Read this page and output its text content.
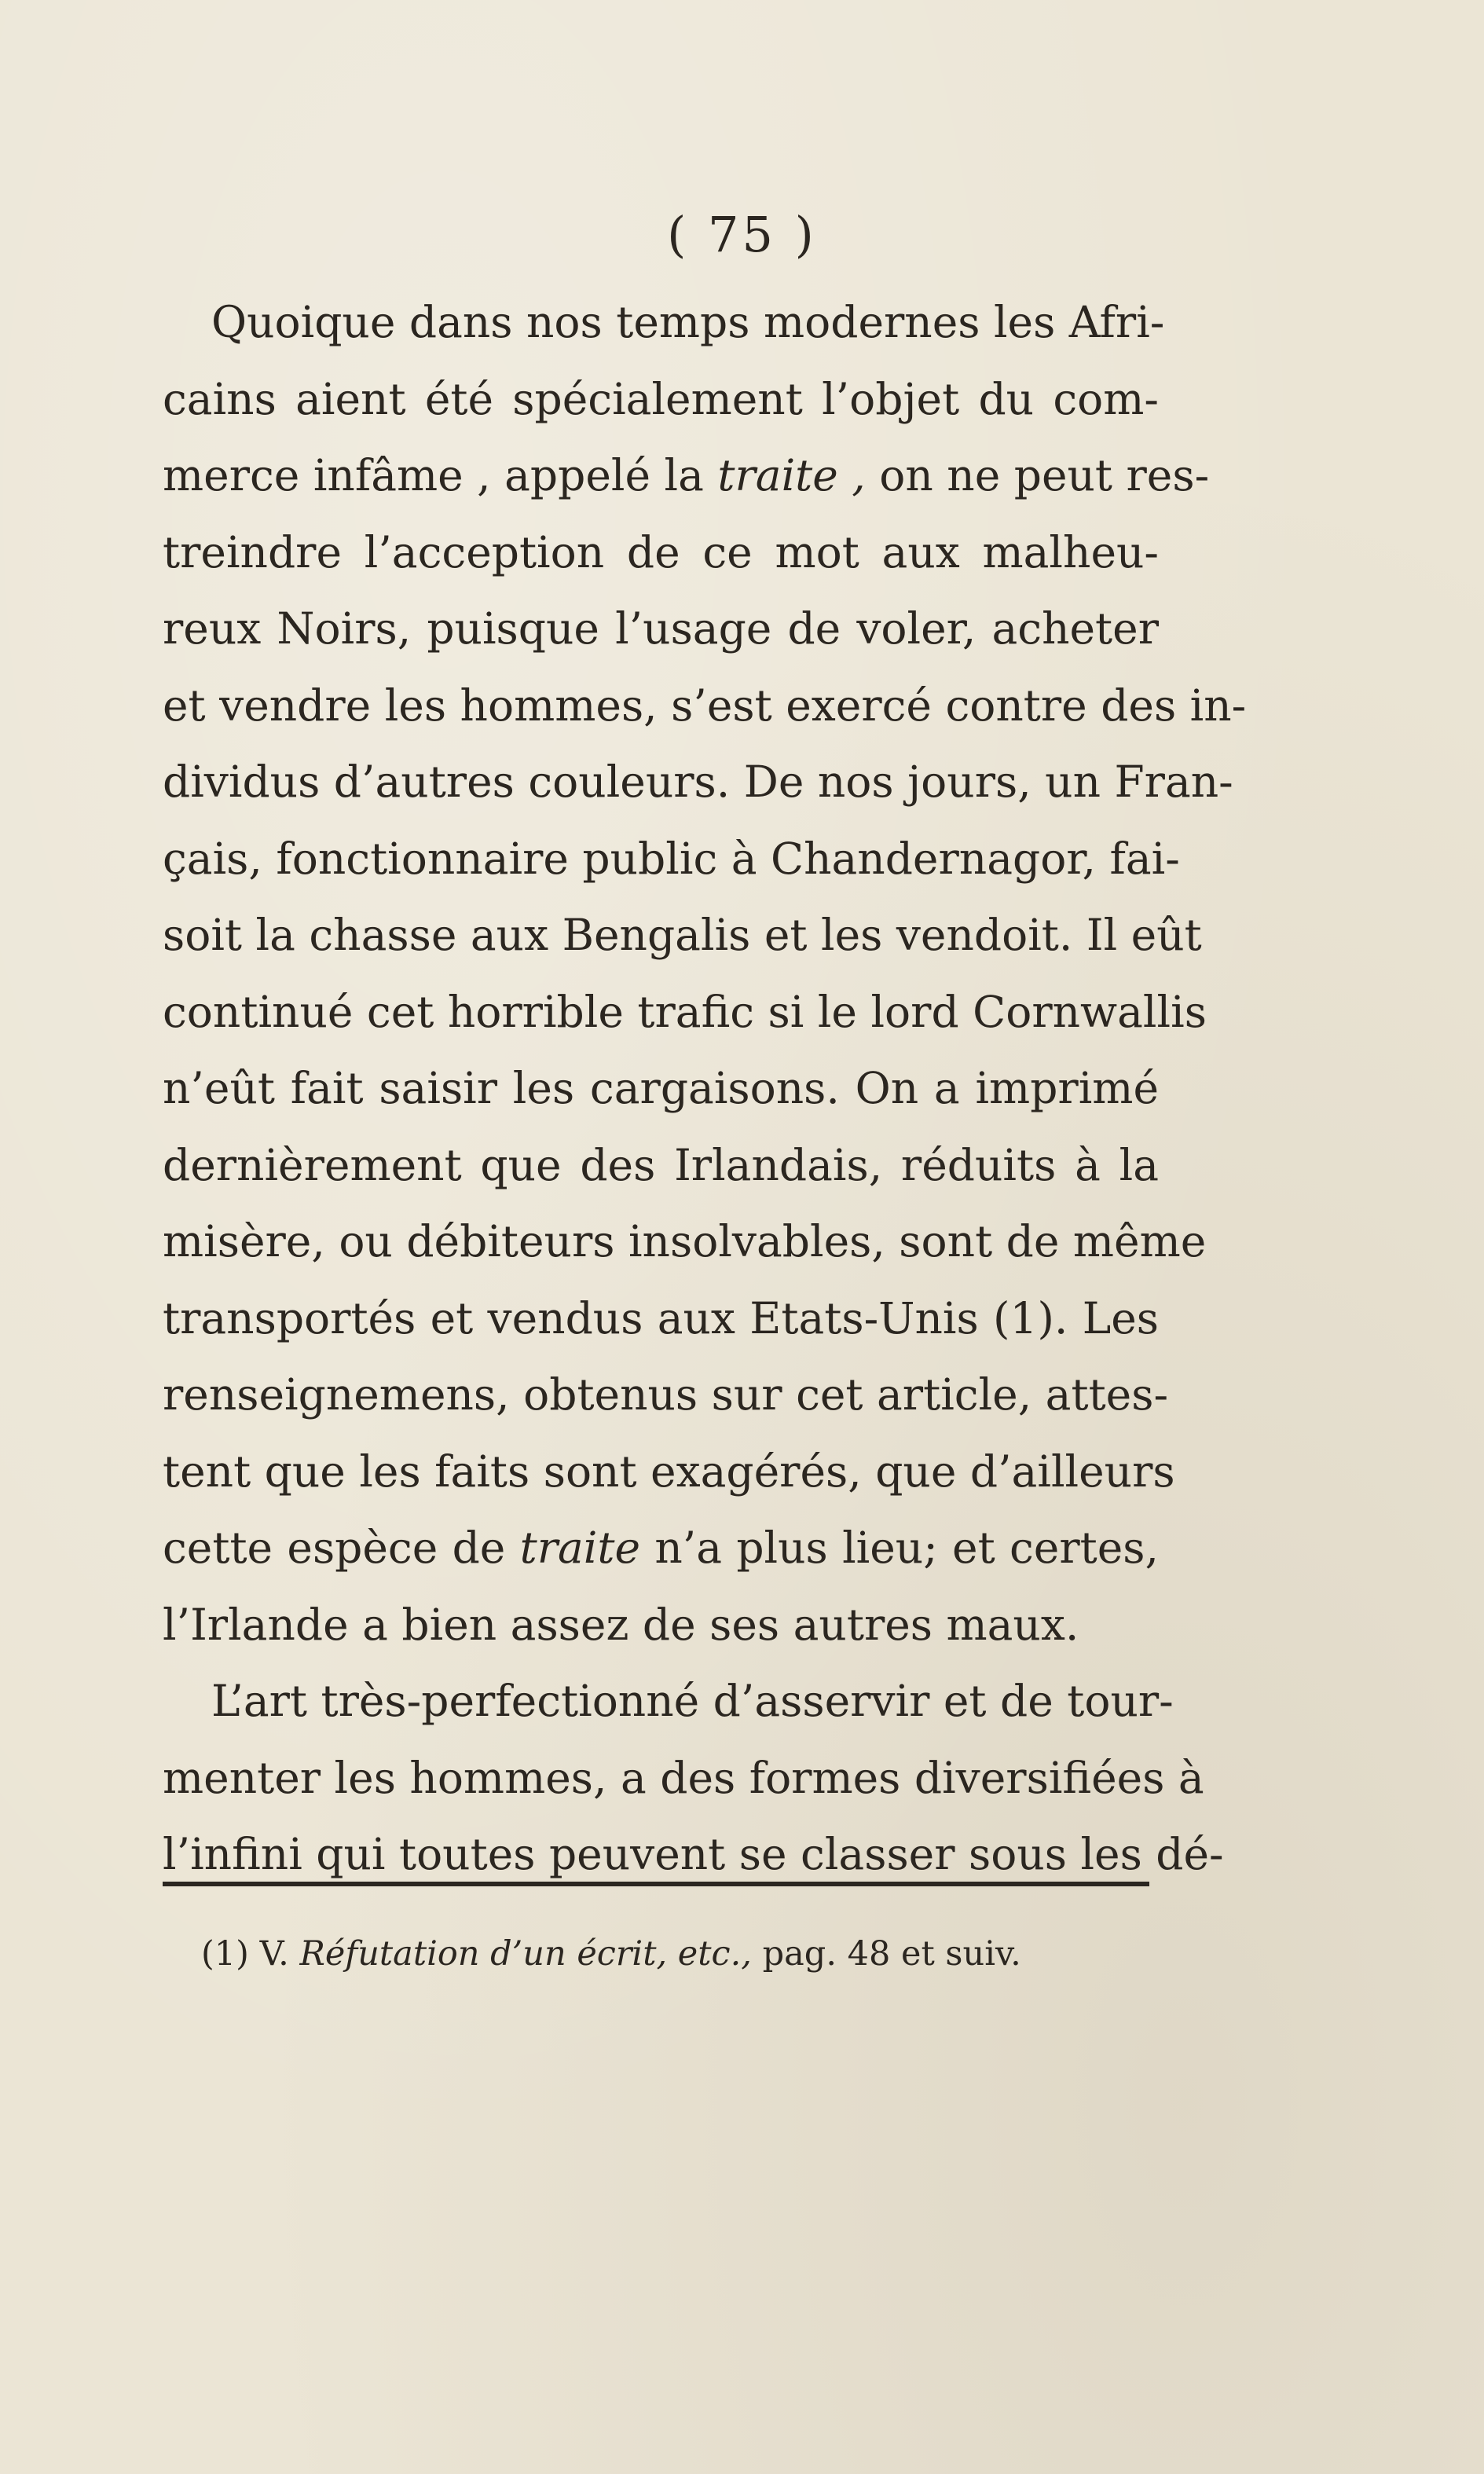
( 75 )
Quoique dans nos temps modernes les Afri-
cains aient été spécialement l’objet du com-
merce infâme , appelé la traite , on ne peut res-
treindre l’acception de ce mot aux malheu-
reux Noirs, puisque l’usage de voler, acheter
et vendre les hommes, s’est exercé contre des in-
dividus d’autres couleurs. De nos jours, un Fran-
çais, fonctionnaire public à Chandernagor, fai-
soit la chasse aux Bengalis et les vendoit. Il eût
continué cet horrible trafic si le lord Cornwallis
n’eût fait saisir les cargaisons. On a imprimé
dernièrement que des Irlandais, réduits à la
misère, ou débiteurs insolvables, sont de même
transportés et vendus aux Etats-Unis (1). Les
renseignemens, obtenus sur cet article, attes-
tent que les faits sont exagérés, que d’ailleurs
cette espèce de traite n’a plus lieu; et certes,
l’Irlande a bien assez de ses autres maux.
L’art très-perfectionné d’asservir et de tour-
menter les hommes, a des formes diversifiées à
l’infini qui toutes peuvent se classer sous les dé-
(1) V. Réfutation d’un écrit, etc., pag. 48 et suiv.
